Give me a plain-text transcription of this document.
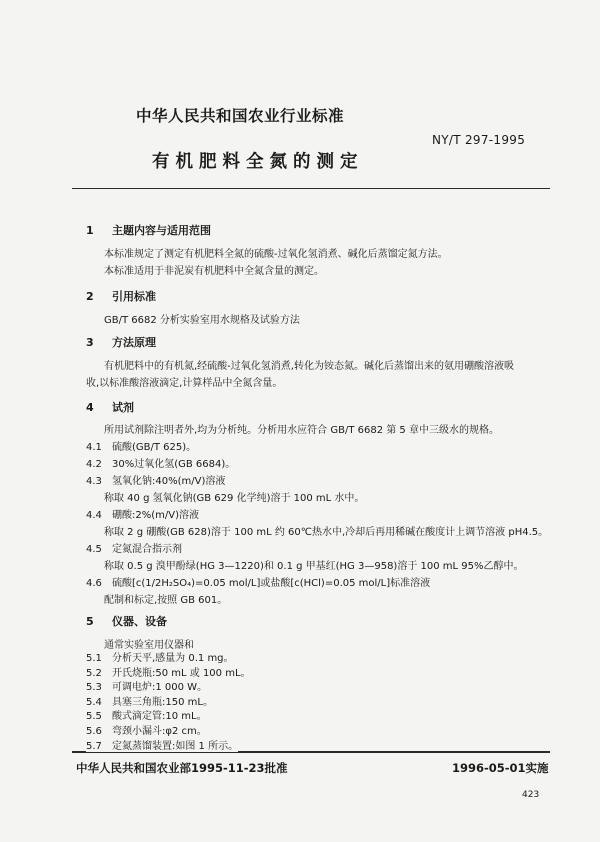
中华人民共和国农业行业标准
NY/T 297-1995
有机肥料全氮的测定
1 主题内容与适用范围
本标准规定了测定有机肥料全氮的硫酸-过氧化氢消煮、碱化后蒸馏定氮方法。
本标准适用于非泥炭有机肥料中全氮含量的测定。
2 引用标准
GB/T 6682 分析实验室用水规格及试验方法
3 方法原理
有机肥料中的有机氮,经硫酸-过氧化氢消煮,转化为铵态氮。碱化后蒸馏出来的氨用硼酸溶液吸
收,以标准酸溶液滴定,计算样品中全氮含量。
4 试剂
所用试剂除注明者外,均为分析纯。分析用水应符合 GB/T 6682 第 5 章中三级水的规格。
4.1 硫酸(GB/T 625)。
4.2 30%过氧化氢(GB 6684)。
4.3 氢氧化钠:40%(m/V)溶液
称取 40 g 氢氧化钠(GB 629 化学纯)溶于 100 mL 水中。
4.4 硼酸:2%(m/V)溶液
称取 2 g 硼酸(GB 628)溶于 100 mL 约 60℃热水中,冷却后再用稀碱在酸度计上调节溶液 pH4.5。
4.5 定氮混合指示剂
称取 0.5 g 溴甲酚绿(HG 3—1220)和 0.1 g 甲基红(HG 3—958)溶于 100 mL 95%乙醇中。
4.6 硫酸[c(1/2H₂SO₄)=0.05 mol/L]或盐酸[c(HCl)=0.05 mol/L]标准溶液
配制和标定,按照 GB 601。
5 仪器、设备
通常实验室用仪器和
5.1 分析天平,感量为 0.1 mg。
5.2 开氏烧瓶:50 mL 或 100 mL。
5.3 可调电炉:1 000 W。
5.4 具塞三角瓶:150 mL。
5.5 酸式滴定管:10 mL。
5.6 弯颈小漏斗:φ2 cm。
中华人民共和国农业部1995-11-23批准	1996-05-01实施
423
5.7 定氮蒸馏装置:如图 1 所示。
